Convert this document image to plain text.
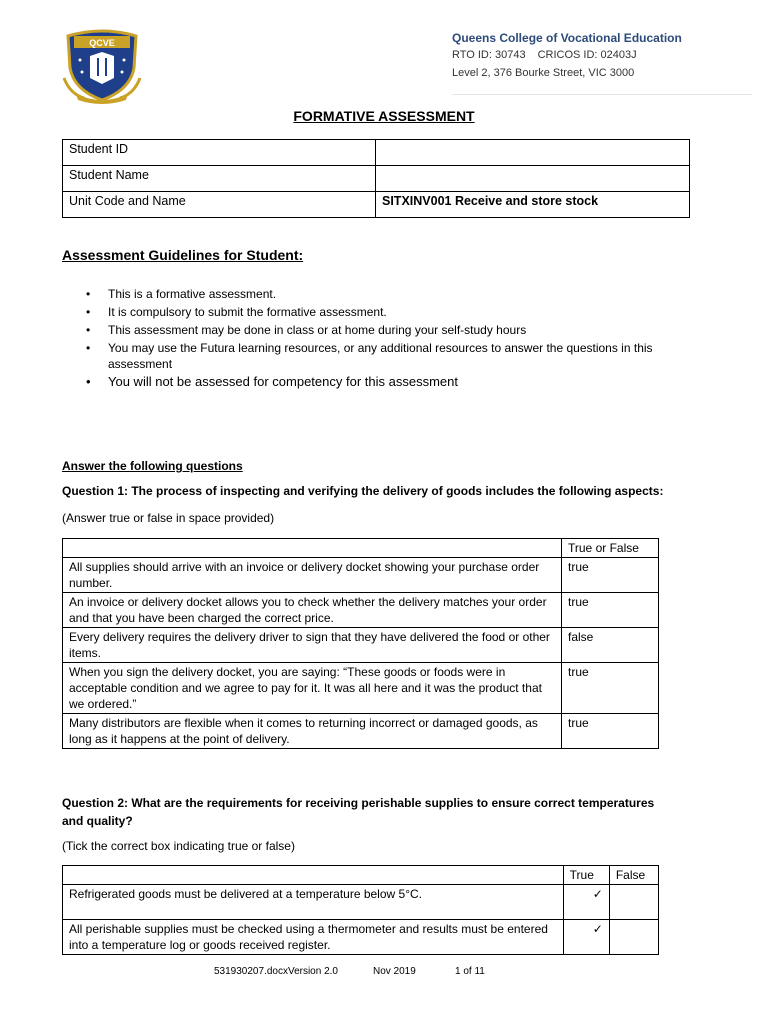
QCVE	Queens College of Vocational Education
RTO ID: 30743 CRICOS ID: 02403J
Level 2, 376 Bourke Street, VIC 3000
FORMATIVE ASSESSMENT
Student ID	
Student Name	
Unit Code and Name	SITXINV001 Receive and store stock
Assessment Guidelines for Student:
• This is a formative assessment.
• It is compulsory to submit the formative assessment.
• This assessment may be done in class or at home during your self-study hours
• You may use the Futura learning resources, or any additional resources to answer the questions in this assessment
• You will not be assessed for competency for this assessment
Answer the following questions
Question 1: The process of inspecting and verifying the delivery of goods includes the following aspects:
(Answer true or false in space provided)
	True or False
All supplies should arrive with an invoice or delivery docket showing your purchase order number.	true
An invoice or delivery docket allows you to check whether the delivery matches your order and that you have been charged the correct price.	true
Every delivery requires the delivery driver to sign that they have delivered the food or other items.	false
When you sign the delivery docket, you are saying: “These goods or foods were in acceptable condition and we agree to pay for it. It was all here and it was the product that we ordered.”	true
Many distributors are flexible when it comes to returning incorrect or damaged goods, as long as it happens at the point of delivery.	true
Question 2: What are the requirements for receiving perishable supplies to ensure correct temperatures and quality?
(Tick the correct box indicating true or false)
	True	False
Refrigerated goods must be delivered at a temperature below 5°C.	✓	
All perishable supplies must be checked using a thermometer and results must be entered into a temperature log or goods received register.	✓	
531930207.docxVersion 2.0	Nov 2019	1 of 11
